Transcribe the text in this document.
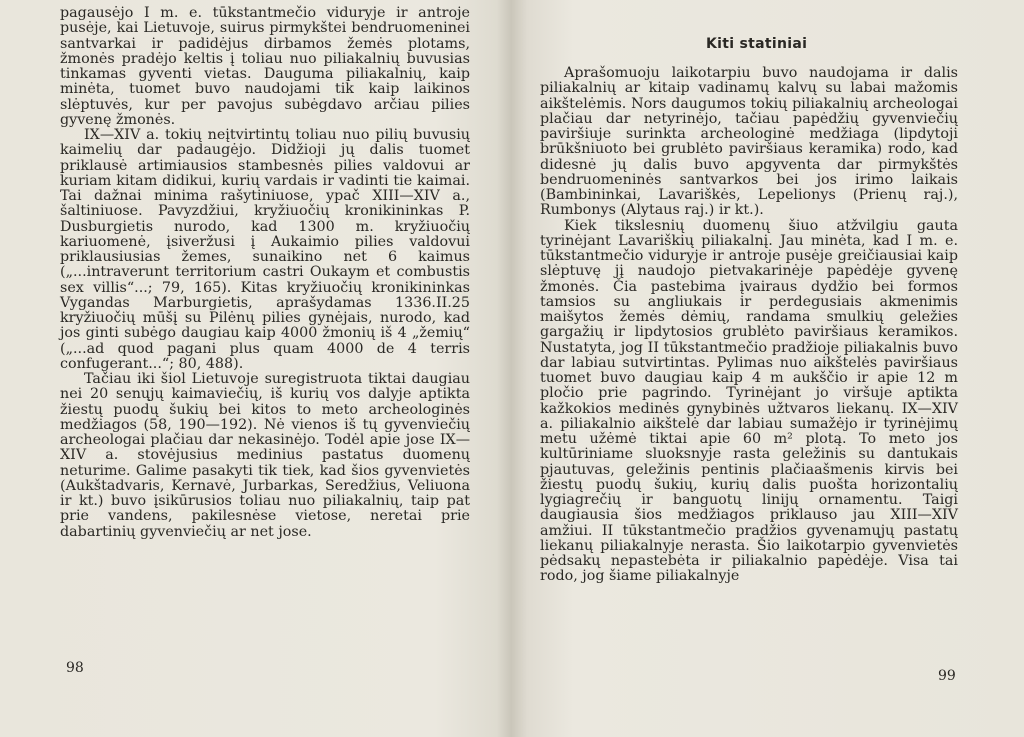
pagausėjo I m. e. tūkstantmečio viduryje ir antroje pusėje, kai Lietuvoje, suirus pirmykštei bendruomeninei santvarkai ir padidėjus dirbamos žemės plotams, žmonės pradėjo keltis į toliau nuo piliakalnių buvusias tinkamas gyventi vietas. Dauguma piliakalnių, kaip minėta, tuomet buvo naudojami tik kaip laikinos slėptuvės, kur per pavojus subėgdavo arčiau pilies gyvenę žmonės.

IX—XIV a. tokių neįtvirtintų toliau nuo pilių buvusių kaimelių dar padaugėjo. Didžioji jų dalis tuomet priklausė artimiausios stambesnės pilies valdovui ar kuriam kitam didikui, kurių vardais ir vadinti tie kaimai. Tai dažnai minima rašytiniuose, ypač XIII—XIV a., šaltiniuose. Pavyzdžiui, kryžiuočių kronikininkas P. Dusburgietis nurodo, kad 1300 m. kryžiuočių kariuomenė, įsiveržusi į Aukaimio pilies valdovui priklausiusias žemes, sunaikino net 6 kaimus („...intraverunt territorium castri Oukaym et combustis sex villis“...; 79, 165). Kitas kryžiuočių kronikininkas Vygandas Marburgietis, aprašydamas 1336.II.25 kryžiuočių mūšį su Pilėnų pilies gynėjais, nurodo, kad jos ginti subėgo daugiau kaip 4000 žmonių iš 4 „žemių“ („...ad quod pagani plus quam 4000 de 4 terris confugerant...“; 80, 488).

Tačiau iki šiol Lietuvoje suregistruota tiktai daugiau nei 20 senųjų kaimaviečių, iš kurių vos dalyje aptikta žiestų puodų šukių bei kitos to meto archeologinės medžiagos (58, 190—192). Nė vienos iš tų gyvenviečių archeologai plačiau dar nekasinėjo. Todėl apie jose IX—XIV a. stovėjusius medinius pastatus duomenų neturime. Galime pasakyti tik tiek, kad šios gyvenvietės (Aukštadvaris, Kernavė, Jurbarkas, Seredžius, Veliuona ir kt.) buvo įsikūrusios toliau nuo piliakalnių, taip pat prie vandens, pakilesnėse vietose, neretai prie dabartinių gyvenviečių ar net jose.

98
Kiti statiniai

Aprašomuoju laikotarpiu buvo naudojama ir dalis piliakalnių ar kitaip vadinamų kalvų su labai mažomis aikštelėmis. Nors daugumos tokių piliakalnių archeologai plačiau dar netyrinėjo, tačiau papėdžių gyvenviečių paviršiuje surinkta archeologinė medžiaga (lipdytoji brūkšniuoto bei grublėto paviršiaus keramika) rodo, kad didesnė jų dalis buvo apgyventa dar pirmykštės bendruomeninės santvarkos bei jos irimo laikais (Bambininkai, Lavariškės, Lepelionys (Prienų raj.), Rumbonys (Alytaus raj.) ir kt.).

Kiek tikslesnių duomenų šiuo atžvilgiu gauta tyrinėjant Lavariškių piliakalnį. Jau minėta, kad I m. e. tūkstantmečio viduryje ir antroje pusėje greičiausiai kaip slėptuvę jį naudojo pietvakarinėje papėdėje gyvenę žmonės. Čia pastebima įvairaus dydžio bei formos tamsios su angliukais ir perdegusiais akmenimis maišytos žemės dėmių, randama smulkių geležies gargažių ir lipdytosios grublėto paviršiaus keramikos. Nustatyta, jog II tūkstantmečio pradžioje piliakalnis buvo dar labiau sutvirtintas. Pylimas nuo aikštelės paviršiaus tuomet buvo daugiau kaip 4 m aukščio ir apie 12 m pločio prie pagrindo. Tyrinėjant jo viršuje aptikta kažkokios medinės gynybinės užtvaros liekanų. IX—XIV a. piliakalnio aikštelė dar labiau sumažėjo ir tyrinėjimų metu užėmė tiktai apie 60 m² plotą. To meto jos kultūriniame sluoksnyje rasta geležinis su dantukais pjautuvas, geležinis pentinis plačiaašmenis kirvis bei žiestų puodų šukių, kurių dalis puošta horizontalių lygiagrečių ir banguotų linijų ornamentu. Taigi daugiausia šios medžiagos priklauso jau XIII—XIV amžiui. II tūkstantmečio pradžios gyvenamųjų pastatų liekanų piliakalnyje nerasta. Šio laikotarpio gyvenvietės pėdsakų nepastebėta ir piliakalnio papėdėje. Visa tai rodo, jog šiame piliakalnyje

99
